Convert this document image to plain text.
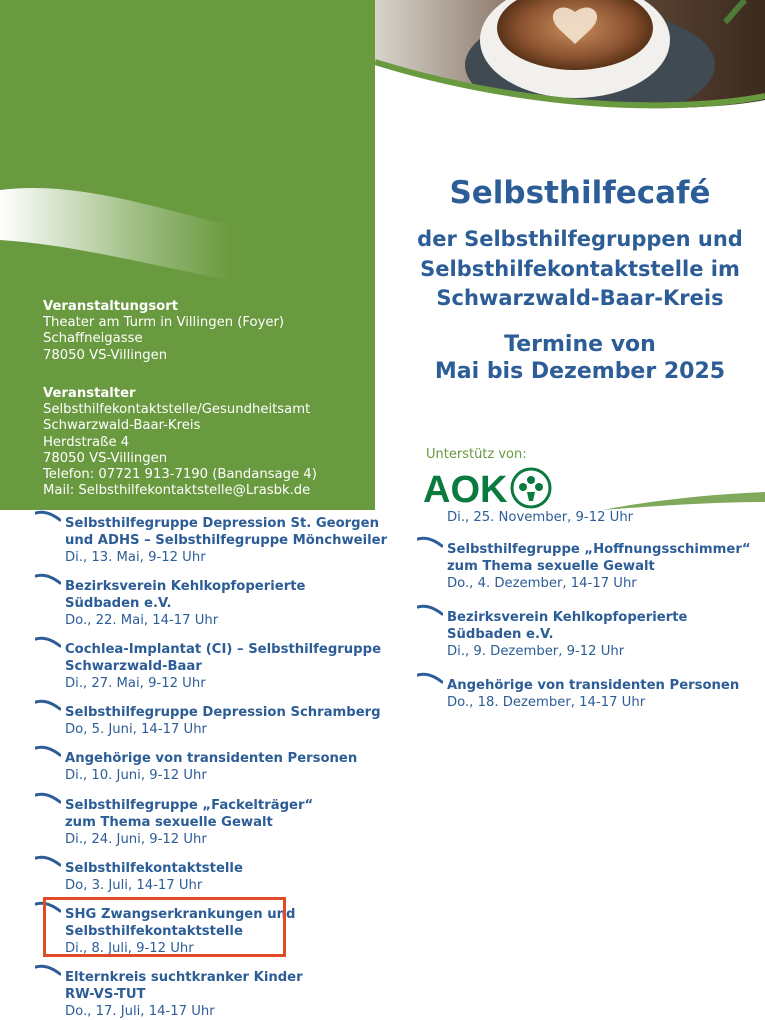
Veranstaltungsort
Theater am Turm in Villingen (Foyer)
Schaffneigasse
78050 VS-Villingen
Veranstalter
Selbsthilfekontaktstelle/Gesundheitsamt
Schwarzwald-Baar-Kreis
Herdstraße 4
78050 VS-Villingen
Telefon: 07721 913-7190 (Bandansage 4)
Mail: Selbsthilfekontaktstelle@Lrasbk.de
Selbsthilfecafé
der Selbsthilfegruppen und
Selbsthilfekontaktstelle im
Schwarzwald-Baar-Kreis
Termine von
Mai bis Dezember 2025
Unterstütz von:
AOK
Selbsthilfegruppe Depression St. Georgen
und ADHS – Selbsthilfegruppe Mönchweiler
Di., 13. Mai, 9-12 Uhr
Bezirksverein Kehlkopfoperierte
Südbaden e.V.
Do., 22. Mai, 14-17 Uhr
Cochlea-Implantat (CI) – Selbsthilfegruppe
Schwarzwald-Baar
Di., 27. Mai, 9-12 Uhr
Selbsthilfegruppe Depression Schramberg
Do, 5. Juni, 14-17 Uhr
Angehörige von transidenten Personen
Di., 10. Juni, 9-12 Uhr
Selbsthilfegruppe „Fackelträger“
zum Thema sexuelle Gewalt
Di., 24. Juni, 9-12 Uhr
Selbsthilfekontaktstelle
Do, 3. Juli, 14-17 Uhr
SHG Zwangserkrankungen und
Selbsthilfekontaktstelle
Di., 8. Juli, 9-12 Uhr
Elternkreis suchtkranker Kinder
RW-VS-TUT
Do., 17. Juli, 14-17 Uhr
Di., 25. November, 9-12 Uhr
Selbsthilfegruppe „Hoffnungsschimmer“
zum Thema sexuelle Gewalt
Do., 4. Dezember, 14-17 Uhr
Bezirksverein Kehlkopfoperierte
Südbaden e.V.
Di., 9. Dezember, 9-12 Uhr
Angehörige von transidenten Personen
Do., 18. Dezember, 14-17 Uhr
